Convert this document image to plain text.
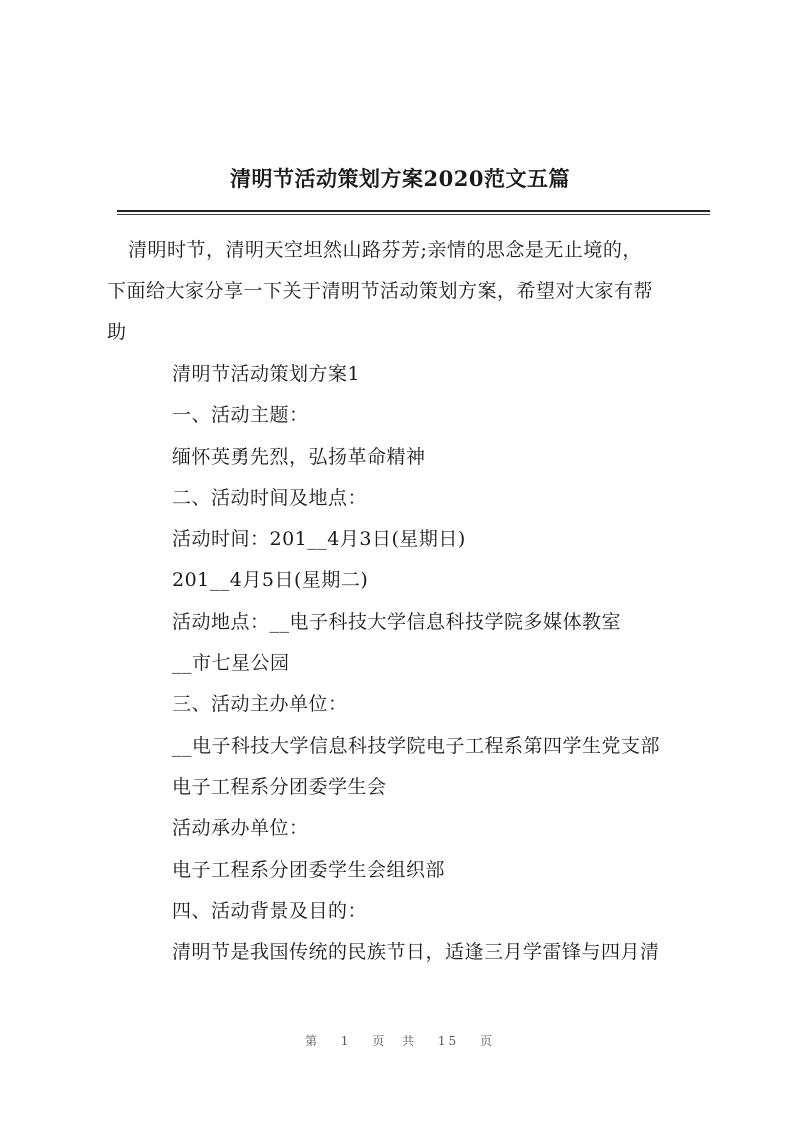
清明节活动策划方案2020范文五篇
清明时节，清明天空坦然山路芬芳;亲情的思念是无止境的，
下面给大家分享一下关于清明节活动策划方案，希望对大家有帮
助
清明节活动策划方案1
一、活动主题：
缅怀英勇先烈，弘扬革命精神
二、活动时间及地点：
活动时间：201__4月3日(星期日)
201__4月5日(星期二)
活动地点：__电子科技大学信息科技学院多媒体教室
__市七星公园
三、活动主办单位：
__电子科技大学信息科技学院电子工程系第四学生党支部
电子工程系分团委学生会
活动承办单位：
电子工程系分团委学生会组织部
四、活动背景及目的：
清明节是我国传统的民族节日，适逢三月学雷锋与四月清
第 1 页 共 15 页
